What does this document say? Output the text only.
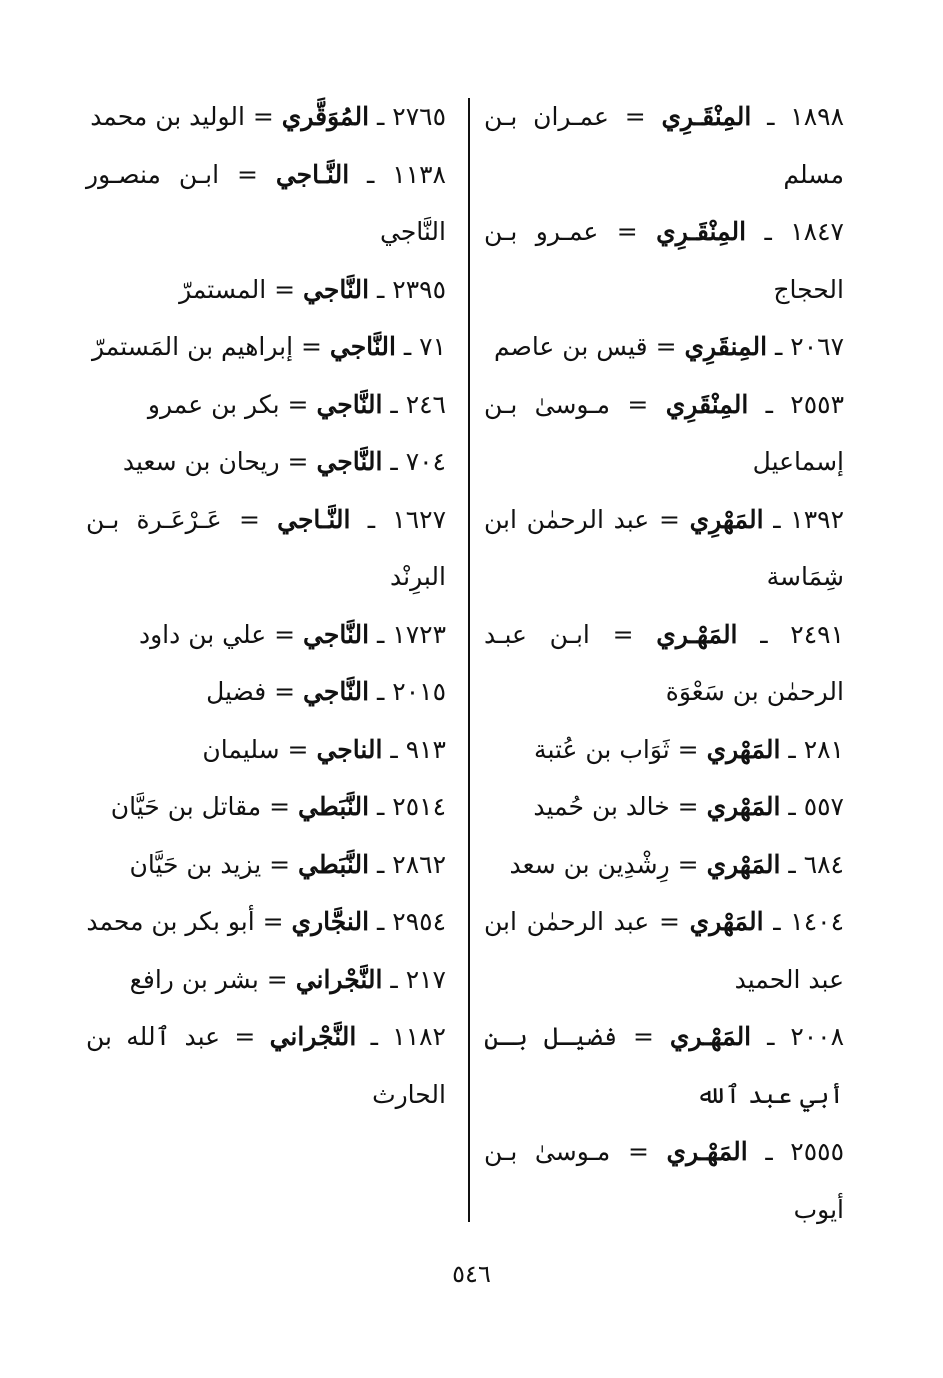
١٨٩٨ ـ المِنْقَـرِي = عمـران بـن مسلم

١٨٤٧ ـ المِنْقَـرِي = عمـرو بـن الحجاج

٢٠٦٧ ـ المِنقَرِي = قيس بن عاصم

٢٥٥٣ ـ المِنْقَرِي = مـوسىٰ بـن إسماعيل

١٣٩٢ ـ المَهْرِي = عبد الرحمٰن ابن شِمَاسة

٢٤٩١ ـ المَهْـري = ابـن عبـد الرحمٰن بن سَعْوَة

٢٨١ ـ المَهْري = ثَوَاب بن عُتبة

٥٥٧ ـ المَهْري = خالد بن حُميد

٦٨٤ ـ المَهْري = رِشْدِين بن سعد

١٤٠٤ ـ المَهْري = عبد الرحمٰن ابن عبد الحميد

٢٠٠٨ ـ المَهْـري = فضيـل بـن أبي عبد ٱلله

٢٥٥٥ ـ المَهْـري = مـوسىٰ بـن أيوب

٢٧٦٥ ـ المُوَقَّري = الوليد بن محمد

١١٣٨ ـ النَّـاجي = ابـن منصـور النَّاجي

٢٣٩٥ ـ النَّاجي = المستمرّ

٧١ ـ النَّاجي = إبراهيم بن المَستمرّ

٢٤٦ ـ النَّاجي = بكر بن عمرو

٧٠٤ ـ النَّاجي = ريحان بن سعيد

١٦٢٧ ـ النَّـاجي = عَـرْعَـرة بـن البرِنْد

١٧٢٣ ـ النَّاجي = علي بن داود

٢٠١٥ ـ النَّاجي = فضيل

٩١٣ ـ الناجي = سليمان

٢٥١٤ ـ النَّبَطي = مقاتل بن حَيَّان

٢٨٦٢ ـ النَّبَطي = يزيد بن حَيَّان

٢٩٥٤ ـ النجَّاري = أبو بكر بن محمد

٢١٧ ـ النَّجْراني = بشر بن رافع

١١٨٢ ـ النَّجْراني = عبد ٱلله بن الحارث

٥٤٦
